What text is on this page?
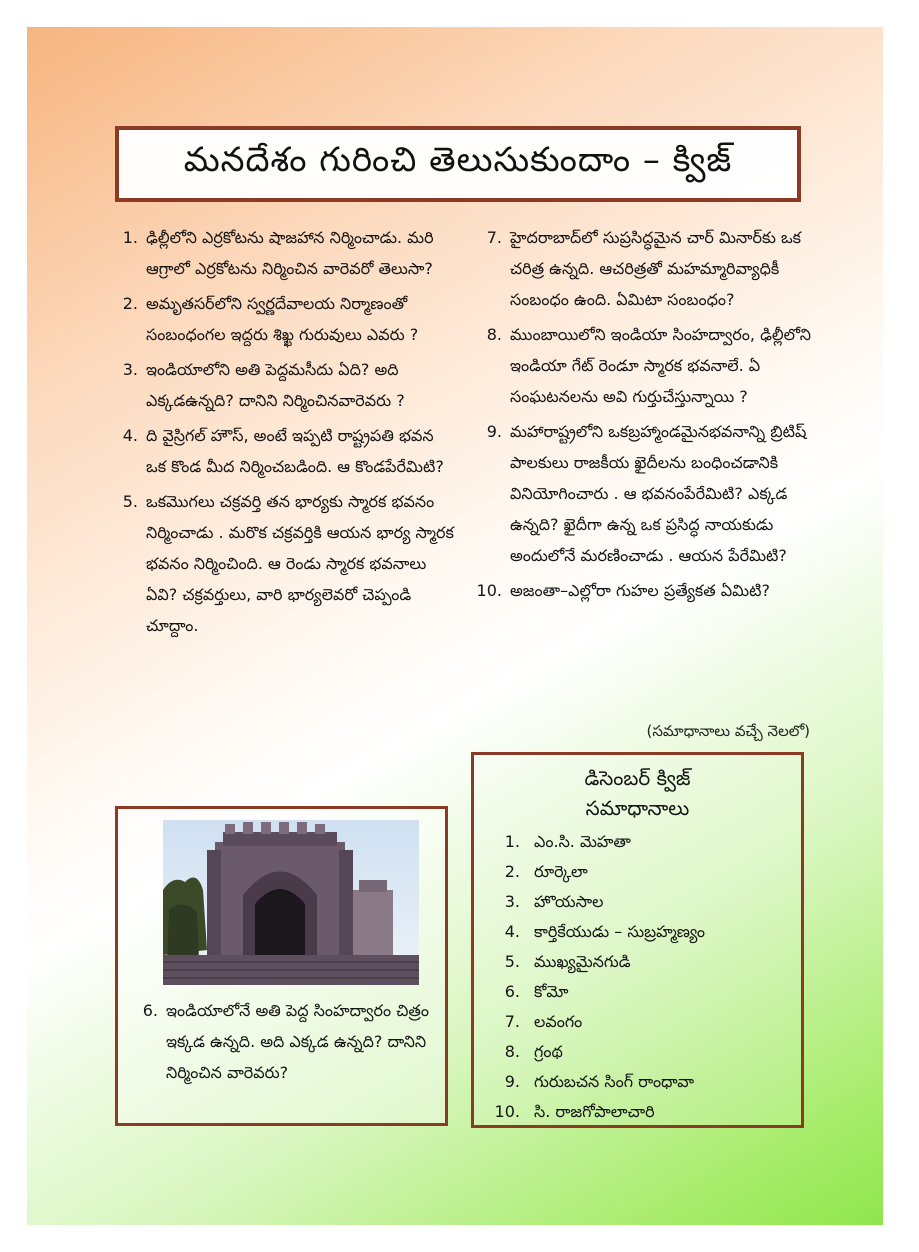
మనదేశం గురించి తెలుసుకుందాం – క్విజ్
1. ఢిల్లీలోని ఎర్రకోటను షాజహాన నిర్మించాడు. మరి ఆగ్రాలో ఎర్రకోటను నిర్మించిన వారెవరో తెలుసా?
2. అమృతసర్‌లోని స్వర్ణదేవాలయ నిర్మాణంతో సంబంధంగల ఇద్దరు శిఖ్ఖ గురువులు ఎవరు ?
3. ఇండియాలోని అతి పెద్దమసీదు ఏది? అది ఎక్కడఉన్నది? దానిని నిర్మించినవారెవరు ?
4. ది వైస్రిగల్ హౌస్, అంటే ఇప్పటి రాష్ట్రపతి భవన ఒక కొండ మీద నిర్మించబడింది. ఆ కొండపేరేమిటి?
5. ఒకమొగలు చక్రవర్తి తన భార్యకు స్మారక భవనం నిర్మించాడు . మరొక చక్రవర్తికి ఆయన భార్య స్మారక భవనం నిర్మించింది. ఆ రెండు స్మారక భవనాలు ఏవి? చక్రవర్తులు, వారి భార్యలెవరో చెప్పండి చూద్దాం.
7. హైదరాబాద్‌లో సుప్రసిద్ధమైన చార్ మినార్‌కు ఒక చరిత్ర ఉన్నది. ఆచరిత్రతో మహమ్మారివ్యాధికీ సంబంధం ఉంది. ఏమిటా సంబంధం?
8. ముంబాయిలోని ఇండియా సింహద్వారం, ఢిల్లీలోని ఇండియా గేట్ రెండూ స్మారక భవనాలే. ఏ సంఘటనలను అవి గుర్తుచేస్తున్నాయి ?
9. మహారాష్ట్రలోని ఒకబ్రహ్మాండమైనభవనాన్ని బ్రిటిష్ పాలకులు రాజకీయ ఖైదీలను బంధించడానికి వినియోగించారు . ఆ భవనంపేరేమిటి? ఎక్కడ ఉన్నది? ఖైదీగా ఉన్న ఒక ప్రసిద్ధ నాయకుడు అందులోనే మరణించాడు . ఆయన పేరేమిటి?
10. అజంతా–ఎల్లోరా గుహల ప్రత్యేకత ఏమిటి?
(సమాధానాలు వచ్చే నెలలో)
6. ఇండియాలోనే అతి పెద్ద సింహద్వారం చిత్రం ఇక్కడ ఉన్నది. అది ఎక్కడ ఉన్నది? దానిని నిర్మించిన వారెవరు?
డిసెంబర్ క్విజ్
సమాధానాలు
1. ఎం.సి. మెహతా
2. రూర్కెలా
3. హొయసాల
4. కార్తికేయుడు – సుబ్రహ్మణ్యం
5. ముఖ్యమైనగుడి
6. కోమో
7. లవంగం
8. గ్రంథ
9. గురుబచన సింగ్ రాంధావా
10. సి. రాజగోపాలాచారి
